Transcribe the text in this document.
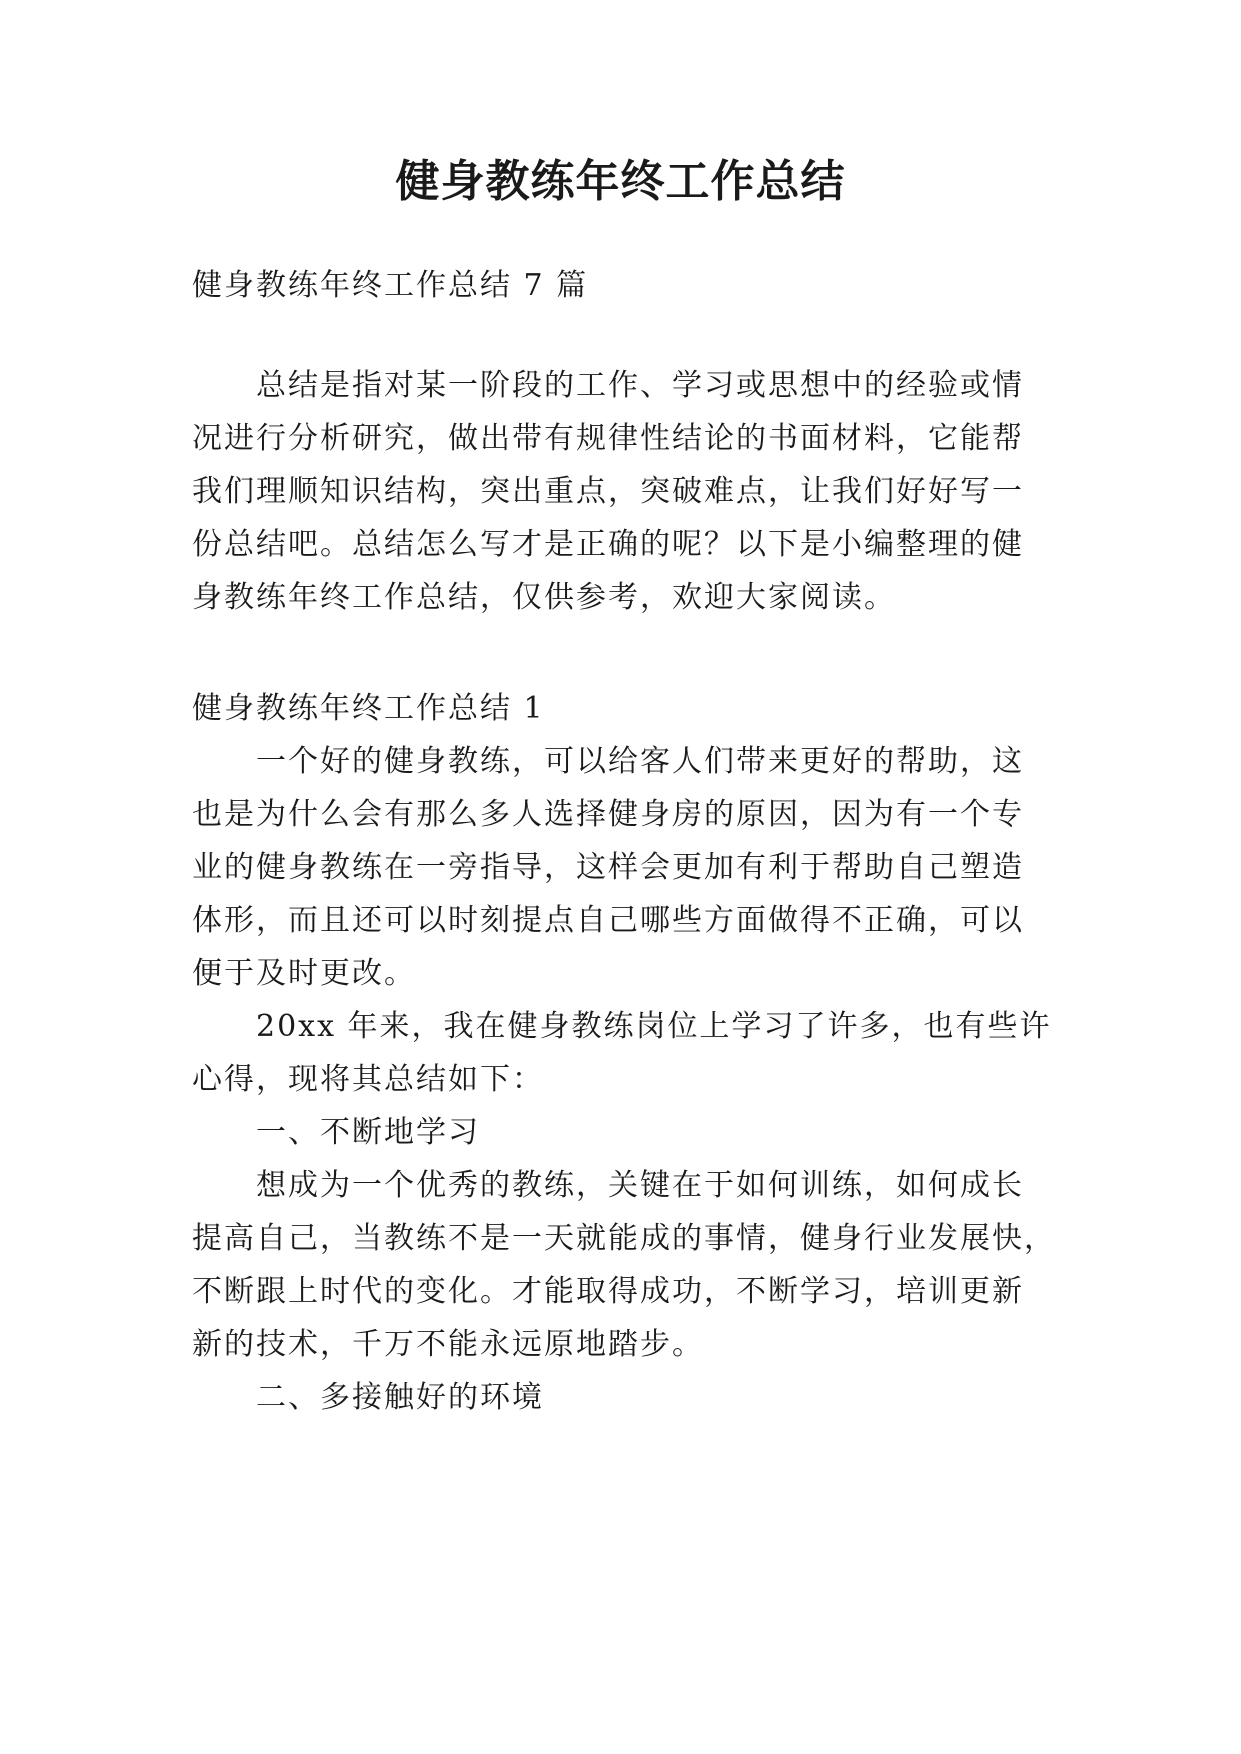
健身教练年终工作总结
健身教练年终工作总结 7 篇
总结是指对某一阶段的工作、学习或思想中的经验或情
况进行分析研究，做出带有规律性结论的书面材料，它能帮
我们理顺知识结构，突出重点，突破难点，让我们好好写一
份总结吧。总结怎么写才是正确的呢？以下是小编整理的健
身教练年终工作总结，仅供参考，欢迎大家阅读。
健身教练年终工作总结 1
一个好的健身教练，可以给客人们带来更好的帮助，这
也是为什么会有那么多人选择健身房的原因，因为有一个专
业的健身教练在一旁指导，这样会更加有利于帮助自己塑造
体形，而且还可以时刻提点自己哪些方面做得不正确，可以
便于及时更改。
20xx 年来，我在健身教练岗位上学习了许多，也有些许
心得，现将其总结如下：
一、不断地学习
想成为一个优秀的教练，关键在于如何训练，如何成长
提高自己，当教练不是一天就能成的事情，健身行业发展快，
不断跟上时代的变化。才能取得成功，不断学习，培训更新
新的技术，千万不能永远原地踏步。
二、多接触好的环境
